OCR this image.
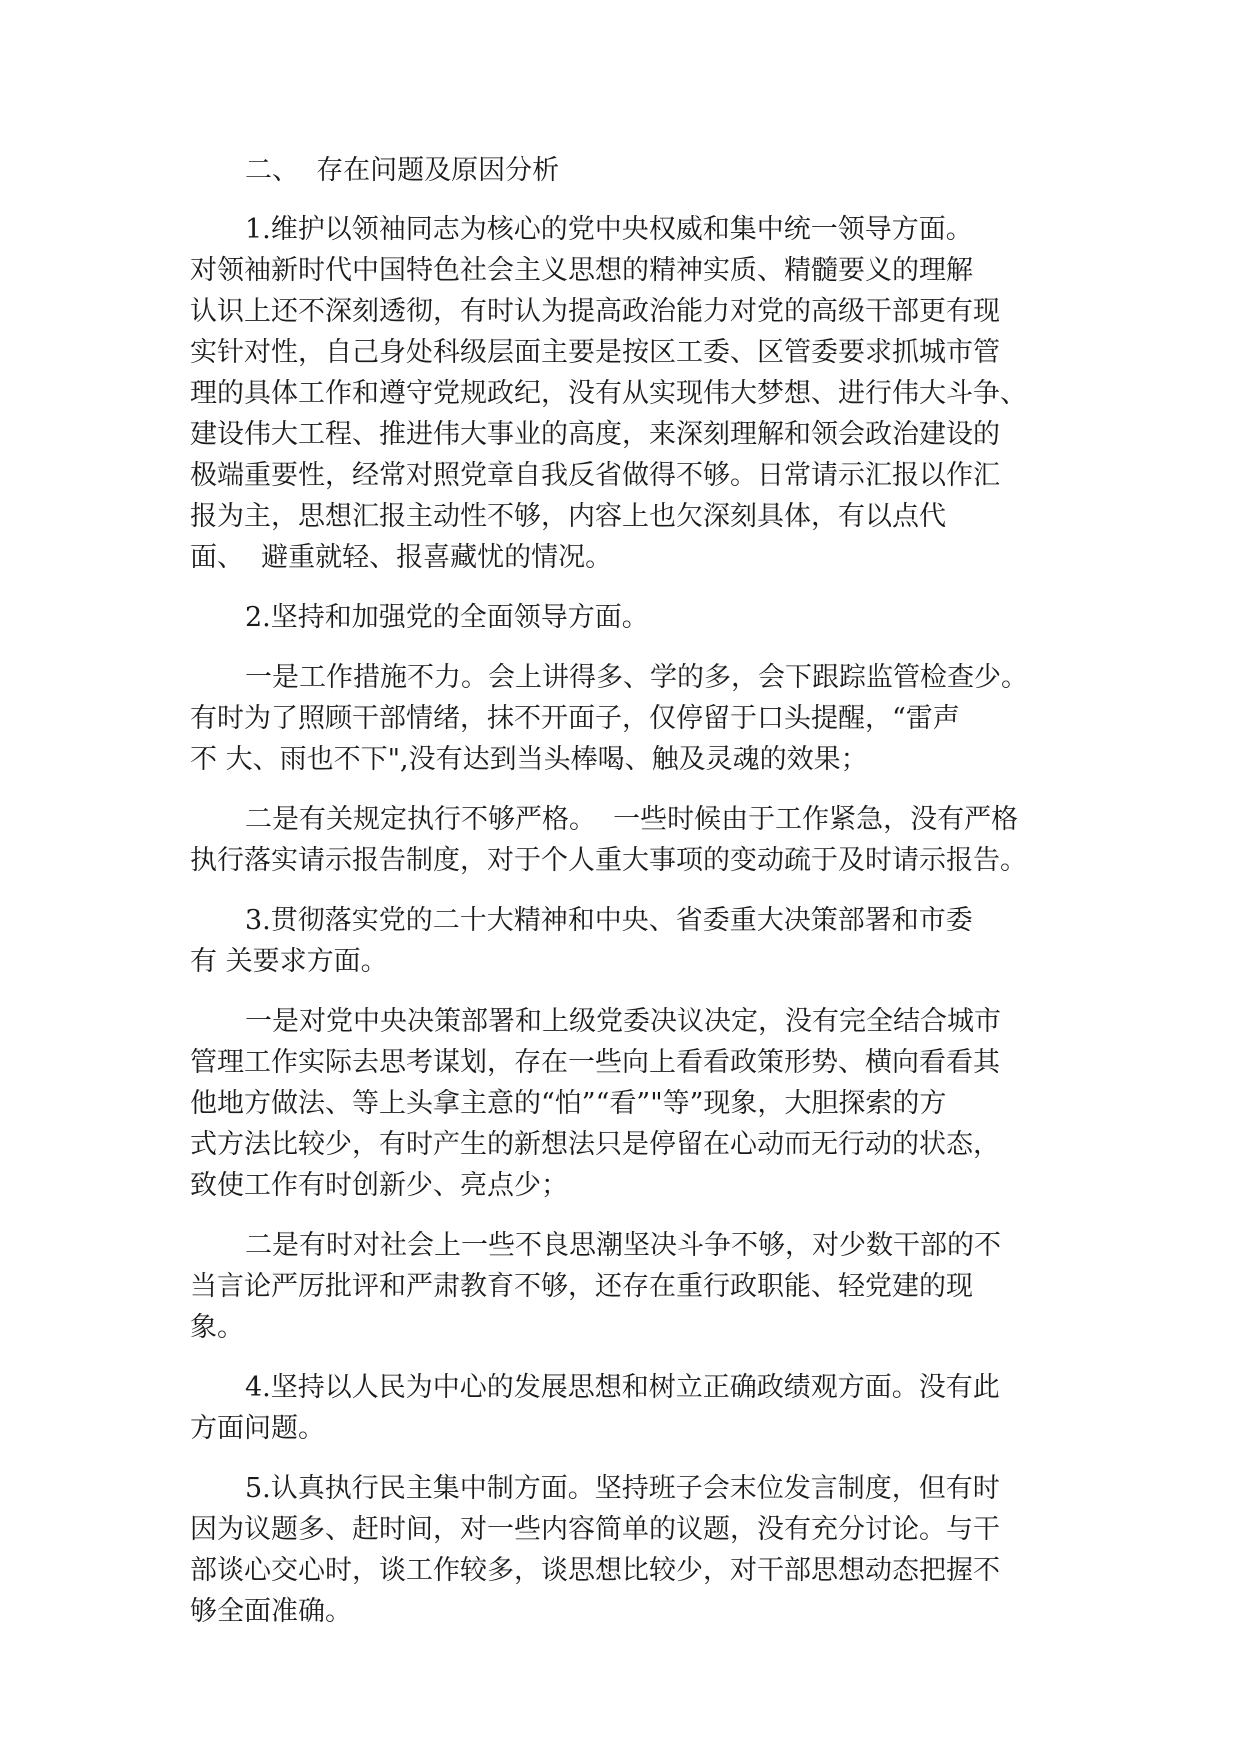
二、  存在问题及原因分析
1.维护以领袖同志为核心的党中央权威和集中统一领导方面。
对领袖新时代中国特色社会主义思想的精神实质、精髓要义的理解
认识上还不深刻透彻，有时认为提高政治能力对党的高级干部更有现
实针对性，自己身处科级层面主要是按区工委、区管委要求抓城市管
理的具体工作和遵守党规政纪，没有从实现伟大梦想、进行伟大斗争、
建设伟大工程、推进伟大事业的高度，来深刻理解和领会政治建设的
极端重要性，经常对照党章自我反省做得不够。日常请示汇报以作汇
报为主，思想汇报主动性不够，内容上也欠深刻具体，有以点代
面、  避重就轻、报喜藏忧的情况。
2.坚持和加强党的全面领导方面。
一是工作措施不力。会上讲得多、学的多，会下跟踪监管检查少。
有时为了照顾干部情绪，抹不开面子，仅停留于口头提醒，“雷声
不 大、雨也不下",没有达到当头棒喝、触及灵魂的效果；
二是有关规定执行不够严格。  一些时候由于工作紧急，没有严格
执行落实请示报告制度，对于个人重大事项的变动疏于及时请示报告。
3.贯彻落实党的二十大精神和中央、省委重大决策部署和市委
有 关要求方面。
一是对党中央决策部署和上级党委决议决定，没有完全结合城市
管理工作实际去思考谋划，存在一些向上看看政策形势、横向看看其
他地方做法、等上头拿主意的“怕”“看”"等”现象，大胆探索的方
式方法比较少，有时产生的新想法只是停留在心动而无行动的状态，
致使工作有时创新少、亮点少；
二是有时对社会上一些不良思潮坚决斗争不够，对少数干部的不
当言论严厉批评和严肃教育不够，还存在重行政职能、轻党建的现
象。
4.坚持以人民为中心的发展思想和树立正确政绩观方面。没有此
方面问题。
5.认真执行民主集中制方面。坚持班子会末位发言制度，但有时
因为议题多、赶时间，对一些内容简单的议题，没有充分讨论。与干
部谈心交心时，谈工作较多，谈思想比较少，对干部思想动态把握不
够全面准确。
